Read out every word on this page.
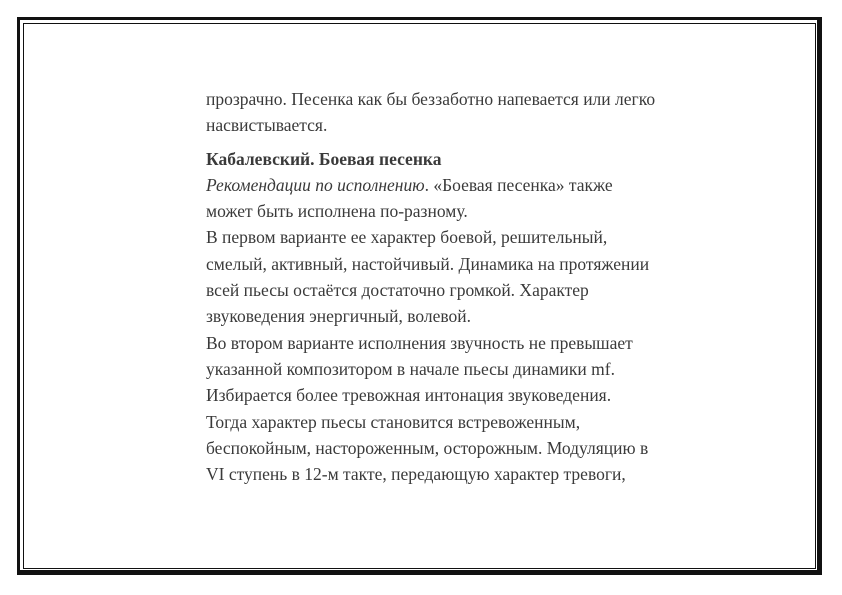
прозрачно. Песенка как бы беззаботно напевается или легко

насвистывается.

Кабалевский. Боевая песенка

Рекомендации по исполнению. «Боевая песенка» также

может быть исполнена по-разному.

В первом варианте ее характер боевой, решительный,

смелый, активный, настойчивый. Динамика на протяжении

всей пьесы остаётся достаточно громкой. Характер

звуковедения энергичный, волевой.

Во втором варианте исполнения звучность не превышает

указанной композитором в начале пьесы динамики mf.

Избирается более тревожная интонация звуковедения.

Тогда характер пьесы становится встревоженным,

беспокойным, настороженным, осторожным. Модуляцию в

VI ступень в 12-м такте, передающую характер тревоги,
